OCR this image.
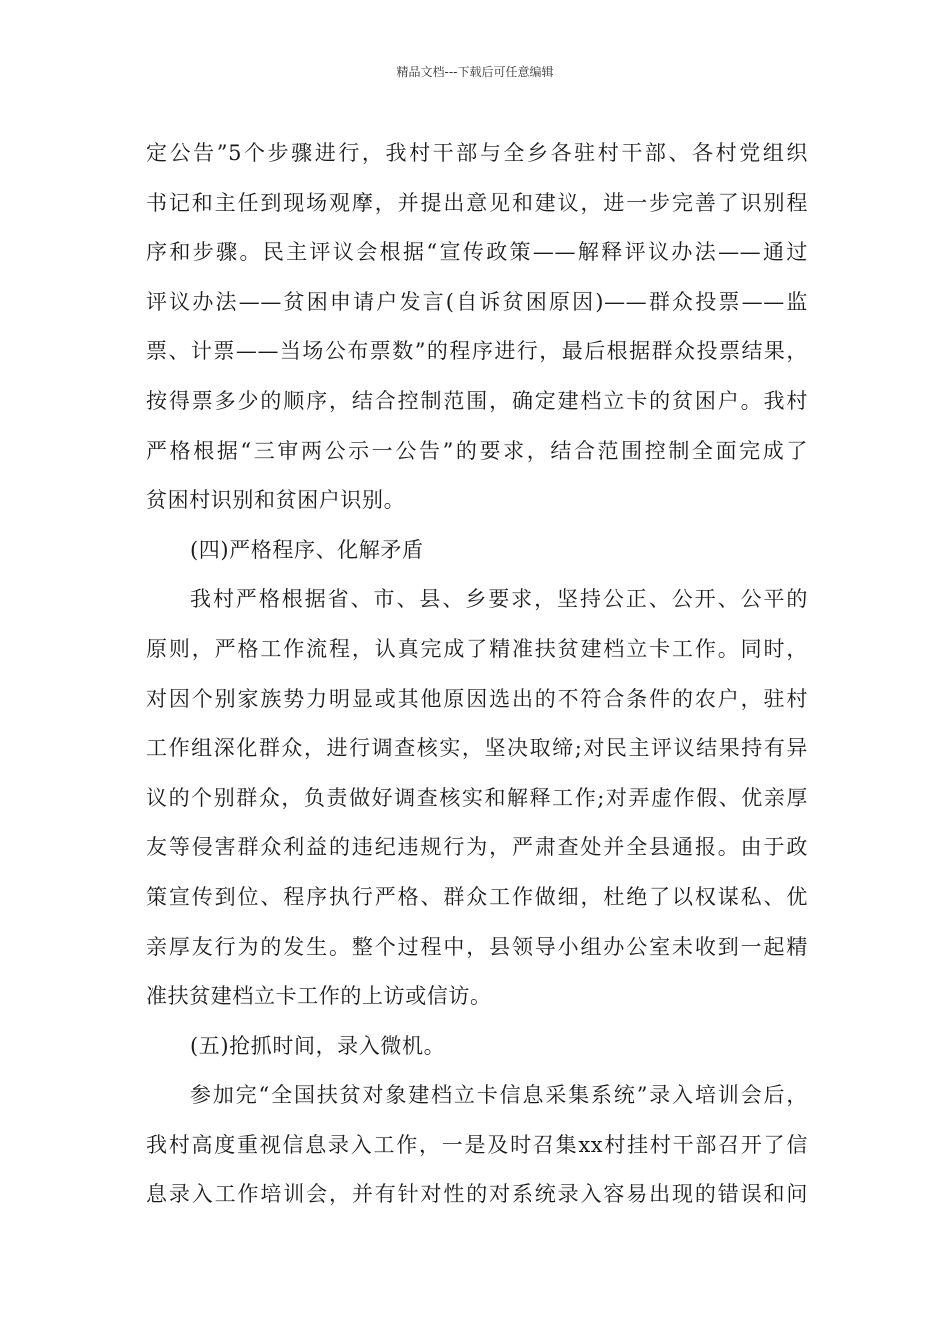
精品文档---下载后可任意编辑
定公告”5个步骤进行，我村干部与全乡各驻村干部、各村党组织
书记和主任到现场观摩，并提出意见和建议，进一步完善了识别程
序和步骤。民主评议会根据“宣传政策——解释评议办法——通过
评议办法——贫困申请户发言(自诉贫困原因)——群众投票——监
票、计票——当场公布票数”的程序进行，最后根据群众投票结果，
按得票多少的顺序，结合控制范围，确定建档立卡的贫困户。我村
严格根据“三审两公示一公告”的要求，结合范围控制全面完成了
贫困村识别和贫困户识别。
(四)严格程序、化解矛盾
我村严格根据省、市、县、乡要求，坚持公正、公开、公平的
原则，严格工作流程，认真完成了精准扶贫建档立卡工作。同时，
对因个别家族势力明显或其他原因选出的不符合条件的农户，驻村
工作组深化群众，进行调查核实，坚决取缔;对民主评议结果持有异
议的个别群众，负责做好调查核实和解释工作;对弄虚作假、优亲厚
友等侵害群众利益的违纪违规行为，严肃查处并全县通报。由于政
策宣传到位、程序执行严格、群众工作做细，杜绝了以权谋私、优
亲厚友行为的发生。整个过程中，县领导小组办公室未收到一起精
准扶贫建档立卡工作的上访或信访。
(五)抢抓时间，录入微机。
参加完“全国扶贫对象建档立卡信息采集系统”录入培训会后，
我村高度重视信息录入工作，一是及时召集xx村挂村干部召开了信
息录入工作培训会，并有针对性的对系统录入容易出现的错误和问
